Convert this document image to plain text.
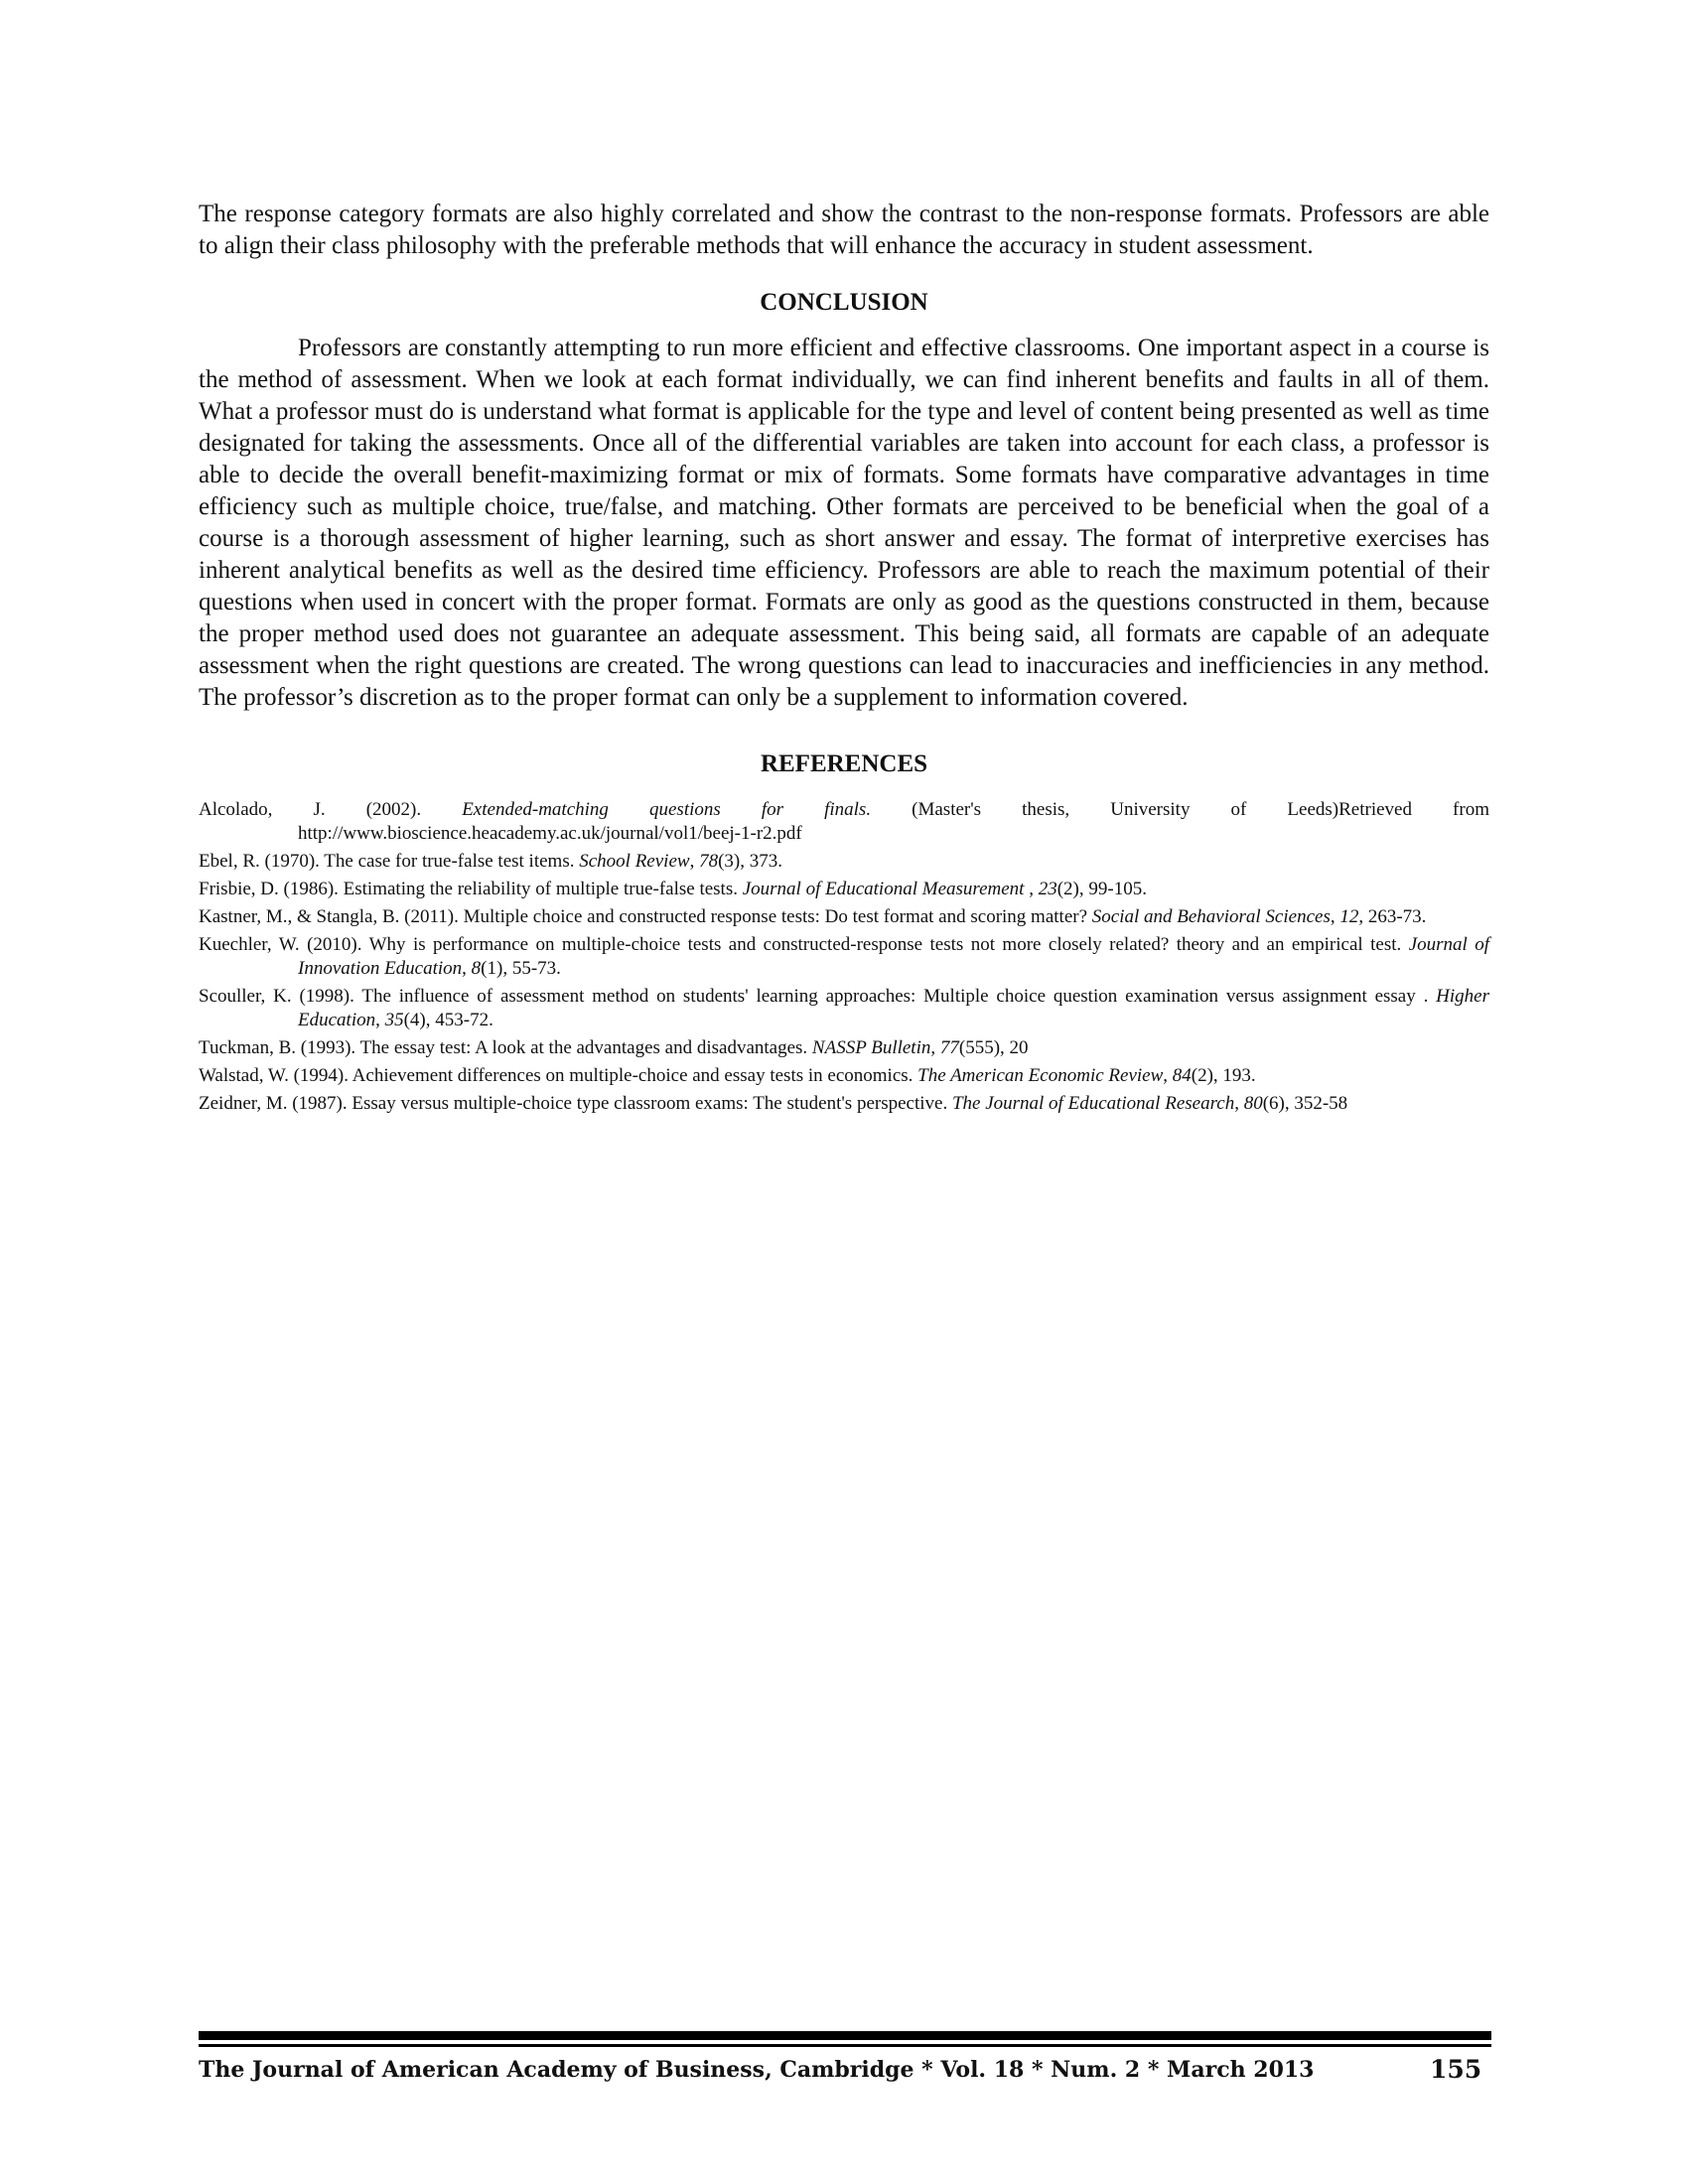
The response category formats are also highly correlated and show the contrast to the non-response formats. Professors are able to align their class philosophy with the preferable methods that will enhance the accuracy in student assessment.

CONCLUSION

Professors are constantly attempting to run more efficient and effective classrooms. One important aspect in a course is the method of assessment. When we look at each format individually, we can find inherent benefits and faults in all of them. What a professor must do is understand what format is applicable for the type and level of content being presented as well as time designated for taking the assessments. Once all of the differential variables are taken into account for each class, a professor is able to decide the overall benefit-maximizing format or mix of formats. Some formats have comparative advantages in time efficiency such as multiple choice, true/false, and matching. Other formats are perceived to be beneficial when the goal of a course is a thorough assessment of higher learning, such as short answer and essay. The format of interpretive exercises has inherent analytical benefits as well as the desired time efficiency. Professors are able to reach the maximum potential of their questions when used in concert with the proper format. Formats are only as good as the questions constructed in them, because the proper method used does not guarantee an adequate assessment. This being said, all formats are capable of an adequate assessment when the right questions are created. The wrong questions can lead to inaccuracies and inefficiencies in any method. The professor’s discretion as to the proper format can only be a supplement to information covered.

REFERENCES
Alcolado, J. (2002). Extended-matching questions for finals. (Master's thesis, University of Leeds)Retrieved from http://www.bioscience.heacademy.ac.uk/journal/vol1/beej-1-r2.pdf
Ebel, R. (1970). The case for true-false test items. School Review, 78(3), 373.
Frisbie, D. (1986). Estimating the reliability of multiple true-false tests. Journal of Educational Measurement , 23(2), 99-105.
Kastner, M., & Stangla, B. (2011). Multiple choice and constructed response tests: Do test format and scoring matter? Social and Behavioral Sciences, 12, 263-73.
Kuechler, W. (2010). Why is performance on multiple-choice tests and constructed-response tests not more closely related? theory and an empirical test. Journal of Innovation Education, 8(1), 55-73.
Scouller, K. (1998). The influence of assessment method on students' learning approaches: Multiple choice question examination versus assignment essay . Higher Education, 35(4), 453-72.
Tuckman, B. (1993). The essay test: A look at the advantages and disadvantages. NASSP Bulletin, 77(555), 20
Walstad, W. (1994). Achievement differences on multiple-choice and essay tests in economics. The American Economic Review, 84(2), 193.
Zeidner, M. (1987). Essay versus multiple-choice type classroom exams: The student's perspective. The Journal of Educational Research, 80(6), 352-58
The Journal of American Academy of Business, Cambridge * Vol. 18 * Num. 2 * March 2013	155
